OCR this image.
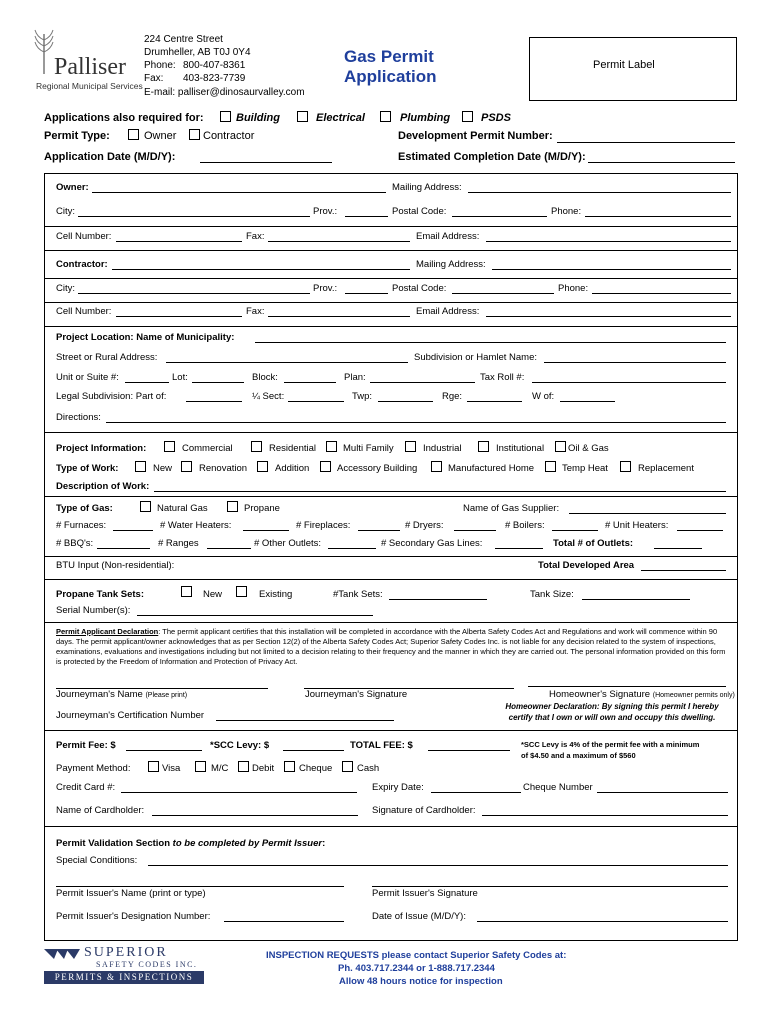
Palliser
Regional Municipal Services
224 Centre Street
Drumheller, AB T0J 0Y4
Phone: 800-407-8361
Fax: 403-823-7739
E-mail: palliser@dinosaurvalley.com
Gas Permit
Application
Permit Label
Applications also required for:	Building	Electrical	Plumbing	PSDS
Permit Type:	Owner Contractor	Development Permit Number:
Application Date (M/D/Y):	Estimated Completion Date (M/D/Y):
Owner:	Mailing Address:
City:	Prov.:	Postal Code:	Phone:
Cell Number:	Fax:	Email Address:
Contractor:	Mailing Address:
City:	Prov.:	Postal Code:	Phone:
Cell Number:	Fax:	Email Address:
Project Location: Name of Municipality:
Street or Rural Address:	Subdivision or Hamlet Name:
Unit or Suite #:	Lot:	Block:	Plan:	Tax Roll #:
Legal Subdivision: Part of:	¼ Sect:	Twp:	Rge:	W of:
Directions:
Project Information:	Commercial	Residential	Multi Family	Industrial	Institutional	Oil & Gas
Type of Work:	New	Renovation	Addition	Accessory Building	Manufactured Home	Temp Heat	Replacement
Description of Work:
Type of Gas:	Natural Gas	Propane	Name of Gas Supplier:
# Furnaces:	# Water Heaters:	# Fireplaces:	# Dryers:	# Boilers:	# Unit Heaters:
# BBQ's:	# Ranges	# Other Outlets:	# Secondary Gas Lines:	Total # of Outlets:
BTU Input (Non-residential):	Total Developed Area
Propane Tank Sets:	New	Existing	#Tank Sets:	Tank Size:
Serial Number(s):
Permit Applicant Declaration: The permit applicant certifies that this installation will be completed in accordance with the Alberta Safety Codes Act and Regulations and work will commence within 90 days. The permit applicant/owner acknowledges that as per Section 12(2) of the Alberta Safety Codes Act; Superior Safety Codes Inc. is not liable for any decision related to the system of inspections, examinations, evaluations and investigations including but not limited to a decision relating to their frequency and the manner in which they are carried out. The personal information provided on this form is protected by the Freedom of Information and Protection of Privacy Act.
Journeyman's Name (Please print)	Journeyman's Signature	Homeowner's Signature (Homeowner permits only)
Journeyman's Certification Number
Homeowner Declaration: By signing this permit I hereby certify that I own or will own and occupy this dwelling.
Permit Fee: $	*SCC Levy: $	TOTAL FEE: $	*SCC Levy is 4% of the permit fee with a minimum of $4.50 and a maximum of $560
Payment Method:	Visa	M/C Debit	Cheque	Cash
Credit Card #:	Expiry Date:	Cheque Number
Name of Cardholder:	Signature of Cardholder:
Permit Validation Section to be completed by Permit Issuer:
Special Conditions:
Permit Issuer's Name (print or type)	Permit Issuer's Signature
Permit Issuer's Designation Number:	Date of Issue (M/D/Y):
SUPERIOR
SAFETY CODES INC.
PERMITS & INSPECTIONS
INSPECTION REQUESTS please contact Superior Safety Codes at:
Ph. 403.717.2344 or 1-888.717.2344
Allow 48 hours notice for inspection
